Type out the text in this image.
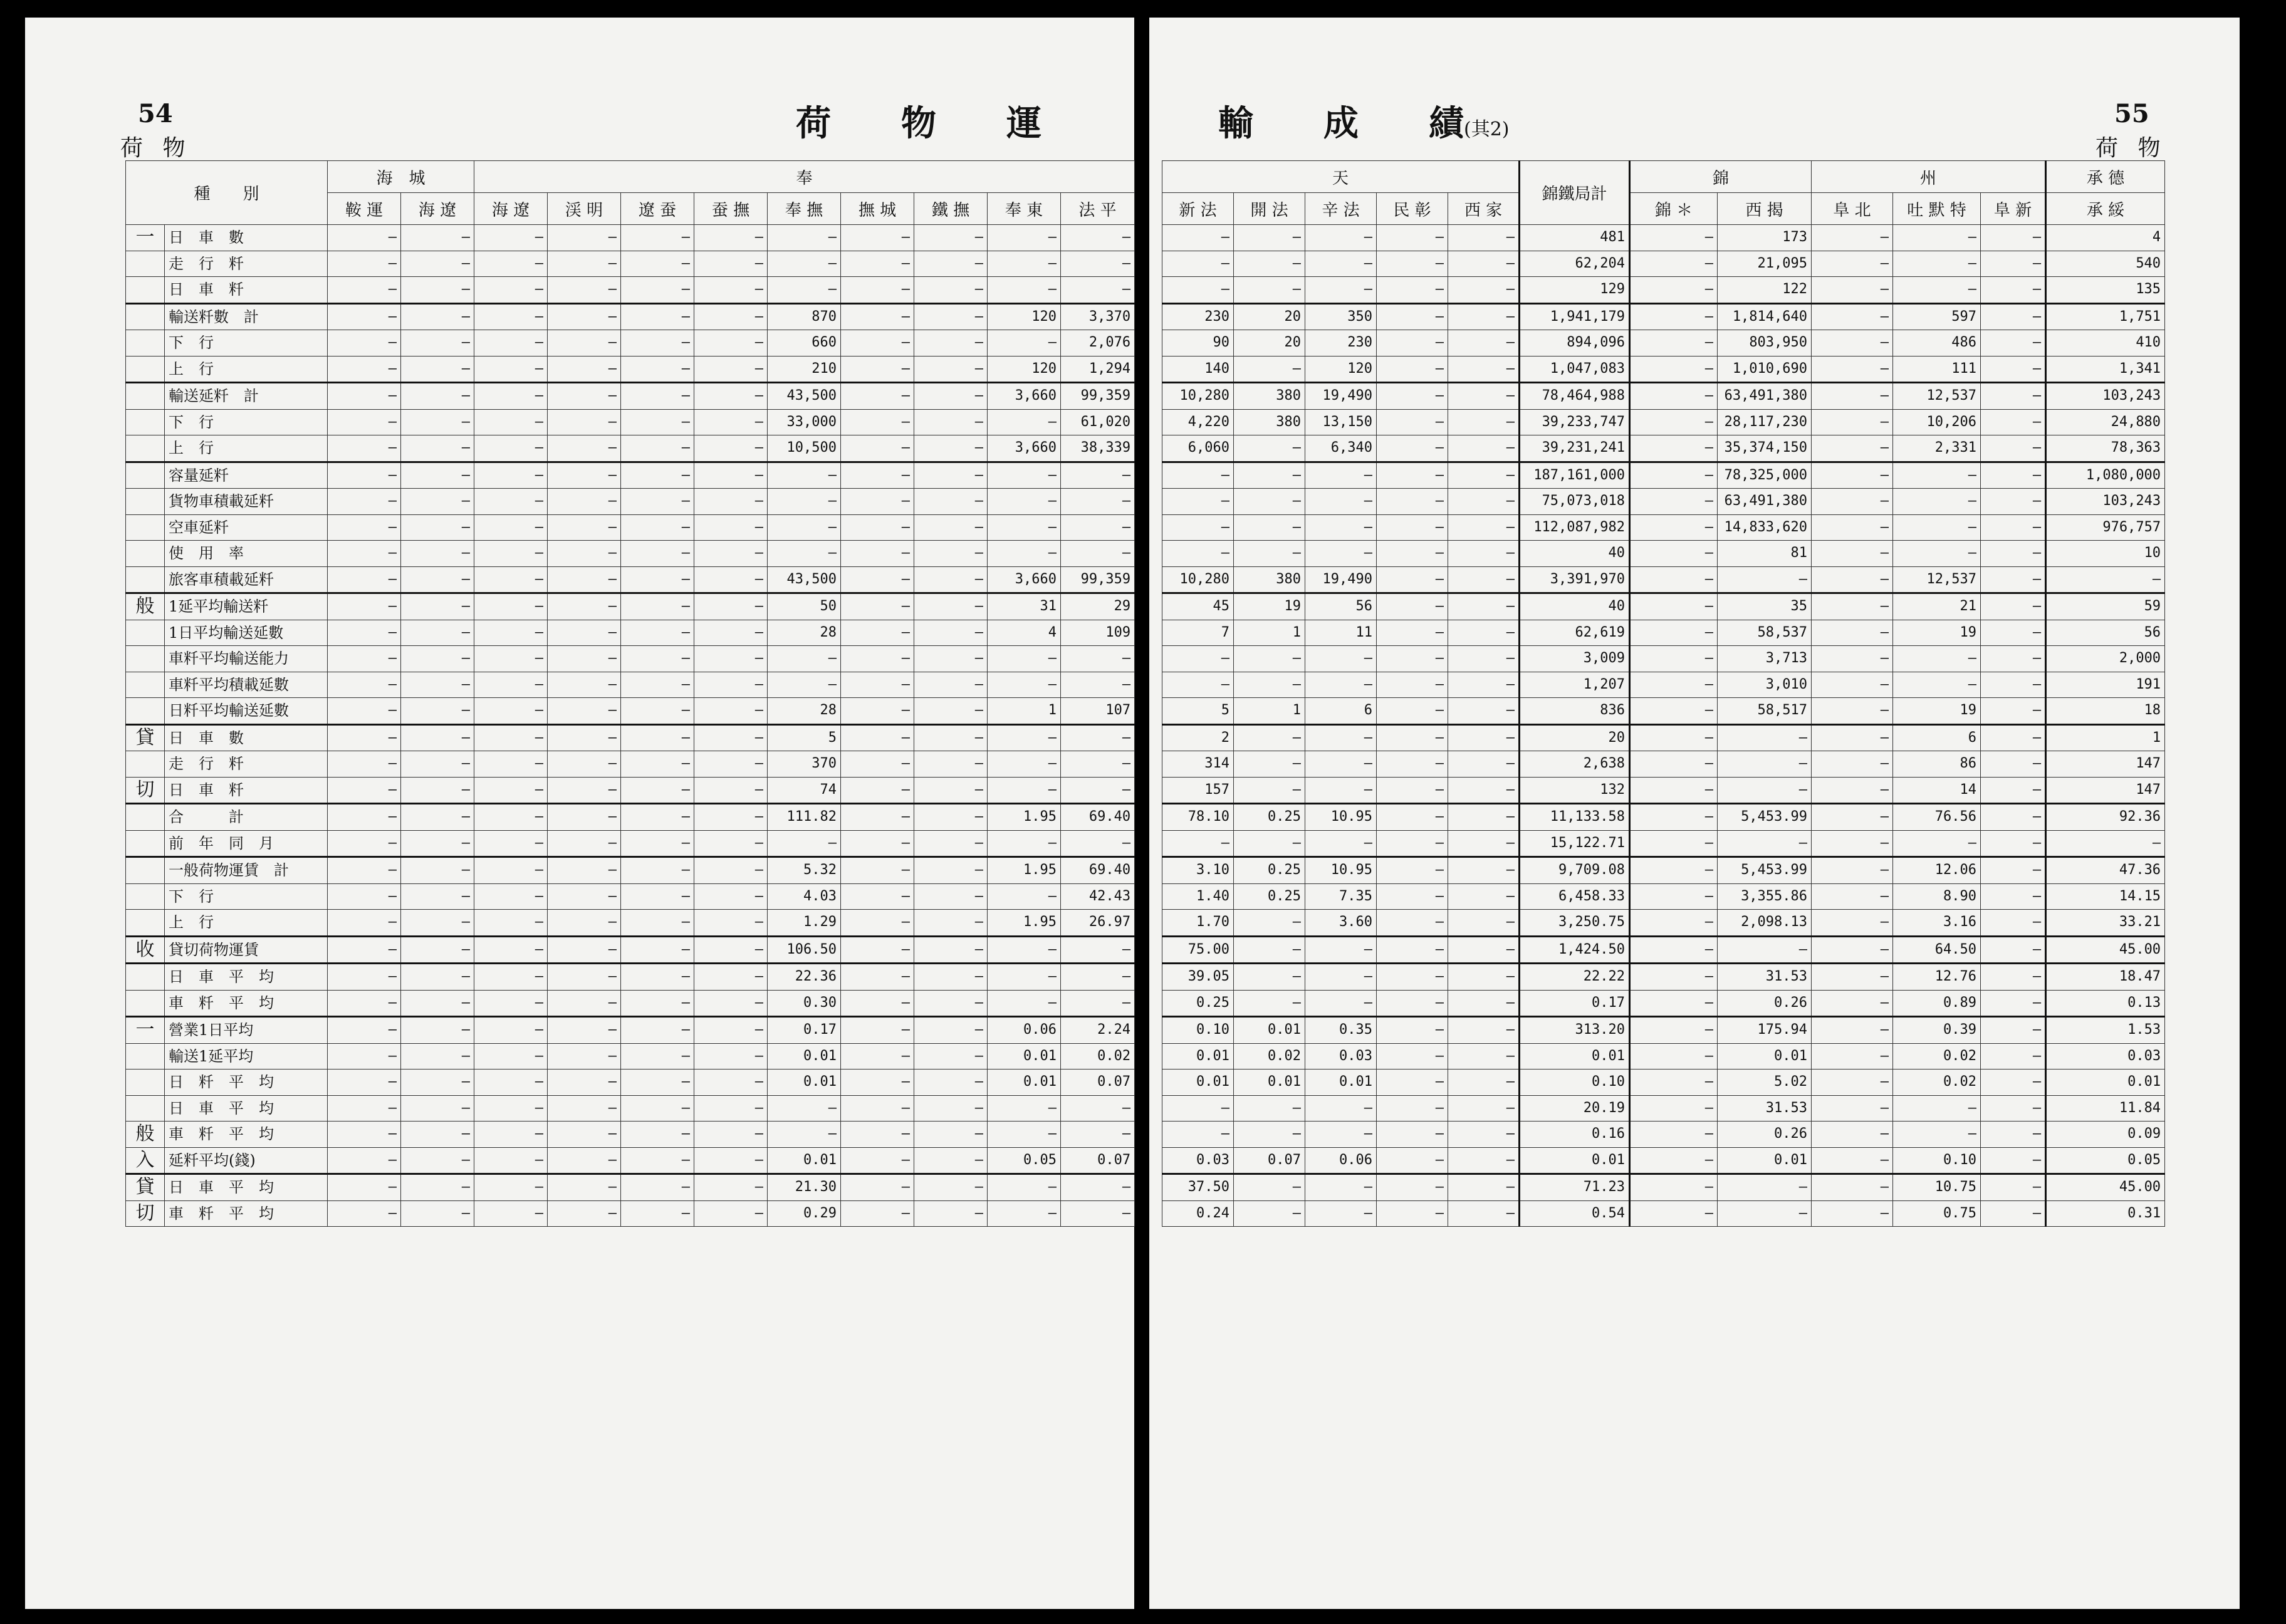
54
荷 物
荷　　物　　運
種　　別		海　城		奉								
		鞍 運	海 遼	海 遼	渓 明	遼 蚕	蚕 撫	奉 撫	撫 城	鐵 撫	奉 東	法 平
一	日　車　數	—	—	—	—	—	—	—	—	—	—	—
	走　行　粁	—	—	—	—	—	—	—	—	—	—	—
	日　車　粁	—	—	—	—	—	—	—	—	—	—	—
	輸送粁數　計	—	—	—	—	—	—	870	—	—	120	3,370
	下　行	—	—	—	—	—	—	660	—	—	—	2,076
	上　行	—	—	—	—	—	—	210	—	—	120	1,294
	輸送延粁　計	—	—	—	—	—	—	43,500	—	—	3,660	99,359
	下　行	—	—	—	—	—	—	33,000	—	—	—	61,020
	上　行	—	—	—	—	—	—	10,500	—	—	3,660	38,339
	容量延粁	—	—	—	—	—	—	—	—	—	—	—
	貨物車積載延粁	—	—	—	—	—	—	—	—	—	—	—
	空車延粁	—	—	—	—	—	—	—	—	—	—	—
	使　用　率	—	—	—	—	—	—	—	—	—	—	—
	旅客車積載延粁	—	—	—	—	—	—	43,500	—	—	3,660	99,359
般	1延平均輸送粁	—	—	—	—	—	—	50	—	—	31	29
	1日平均輸送延數	—	—	—	—	—	—	28	—	—	4	109
	車粁平均輸送能力	—	—	—	—	—	—	—	—	—	—	—
	車粁平均積載延數	—	—	—	—	—	—	—	—	—	—	—
	日粁平均輸送延數	—	—	—	—	—	—	28	—	—	1	107
貸	日　車　數	—	—	—	—	—	—	5	—	—	—	—
	走　行　粁	—	—	—	—	—	—	370	—	—	—	—
切	日　車　粁	—	—	—	—	—	—	74	—	—	—	—
	合　　　計	—	—	—	—	—	—	111.82	—	—	1.95	69.40
	前　年　同　月	—	—	—	—	—	—	—	—	—	—	—
	一般荷物運賃　計	—	—	—	—	—	—	5.32	—	—	1.95	69.40
	下　行	—	—	—	—	—	—	4.03	—	—	—	42.43
	上　行	—	—	—	—	—	—	1.29	—	—	1.95	26.97
收	貸切荷物運賃	—	—	—	—	—	—	106.50	—	—	—	—
	日　車　平　均	—	—	—	—	—	—	22.36	—	—	—	—
	車　粁　平　均	—	—	—	—	—	—	0.30	—	—	—	—
一	營業1日平均	—	—	—	—	—	—	0.17	—	—	0.06	2.24
	輸送1延平均	—	—	—	—	—	—	0.01	—	—	0.01	0.02
	日　粁　平　均	—	—	—	—	—	—	0.01	—	—	0.01	0.07
	日　車　平　均	—	—	—	—	—	—	—	—	—	—	—
般	車　粁　平　均	—	—	—	—	—	—	—	—	—	—	—
入	延粁平均(錢)	—	—	—	—	—	—	0.01	—	—	0.05	0.07
貸	日　車　平　均	—	—	—	—	—	—	21.30	—	—	—	—
切	車　粁　平　均	—	—	—	—	—	—	0.29	—	—	—	—
輸　　成　　績(其2)
55
荷 物
天					錦鐵局計	錦		州			承 德
新 法	開 法	辛 法	民 彰	西 家		錦 ＊	西 揭	阜 北	吐 默 特	阜 新	承 綏
—	—	—	—	—	481	—	173	—	—	—	4
—	—	—	—	—	62,204	—	21,095	—	—	—	540
—	—	—	—	—	129	—	122	—	—	—	135
230	20	350	—	—	1,941,179	—	1,814,640	—	597	—	1,751
90	20	230	—	—	894,096	—	803,950	—	486	—	410
140	—	120	—	—	1,047,083	—	1,010,690	—	111	—	1,341
10,280	380	19,490	—	—	78,464,988	—	63,491,380	—	12,537	—	103,243
4,220	380	13,150	—	—	39,233,747	—	28,117,230	—	10,206	—	24,880
6,060	—	6,340	—	—	39,231,241	—	35,374,150	—	2,331	—	78,363
—	—	—	—	—	187,161,000	—	78,325,000	—	—	—	1,080,000
—	—	—	—	—	75,073,018	—	63,491,380	—	—	—	103,243
—	—	—	—	—	112,087,982	—	14,833,620	—	—	—	976,757
—	—	—	—	—	40	—	81	—	—	—	10
10,280	380	19,490	—	—	3,391,970	—	—	—	12,537	—	—
45	19	56	—	—	40	—	35	—	21	—	59
7	1	11	—	—	62,619	—	58,537	—	19	—	56
—	—	—	—	—	3,009	—	3,713	—	—	—	2,000
—	—	—	—	—	1,207	—	3,010	—	—	—	191
5	1	6	—	—	836	—	58,517	—	19	—	18
2	—	—	—	—	20	—	—	—	6	—	1
314	—	—	—	—	2,638	—	—	—	86	—	147
157	—	—	—	—	132	—	—	—	14	—	147
78.10	0.25	10.95	—	—	11,133.58	—	5,453.99	—	76.56	—	92.36
—	—	—	—	—	15,122.71	—	—	—	—	—	—
3.10	0.25	10.95	—	—	9,709.08	—	5,453.99	—	12.06	—	47.36
1.40	0.25	7.35	—	—	6,458.33	—	3,355.86	—	8.90	—	14.15
1.70	—	3.60	—	—	3,250.75	—	2,098.13	—	3.16	—	33.21
75.00	—	—	—	—	1,424.50	—	—	—	64.50	—	45.00
39.05	—	—	—	—	22.22	—	31.53	—	12.76	—	18.47
0.25	—	—	—	—	0.17	—	0.26	—	0.89	—	0.13
0.10	0.01	0.35	—	—	313.20	—	175.94	—	0.39	—	1.53
0.01	0.02	0.03	—	—	0.01	—	0.01	—	0.02	—	0.03
0.01	0.01	0.01	—	—	0.10	—	5.02	—	0.02	—	0.01
—	—	—	—	—	20.19	—	31.53	—	—	—	11.84
—	—	—	—	—	0.16	—	0.26	—	—	—	0.09
0.03	0.07	0.06	—	—	0.01	—	0.01	—	0.10	—	0.05
37.50	—	—	—	—	71.23	—	—	—	10.75	—	45.00
0.24	—	—	—	—	0.54	—	—	—	0.75	—	0.31
